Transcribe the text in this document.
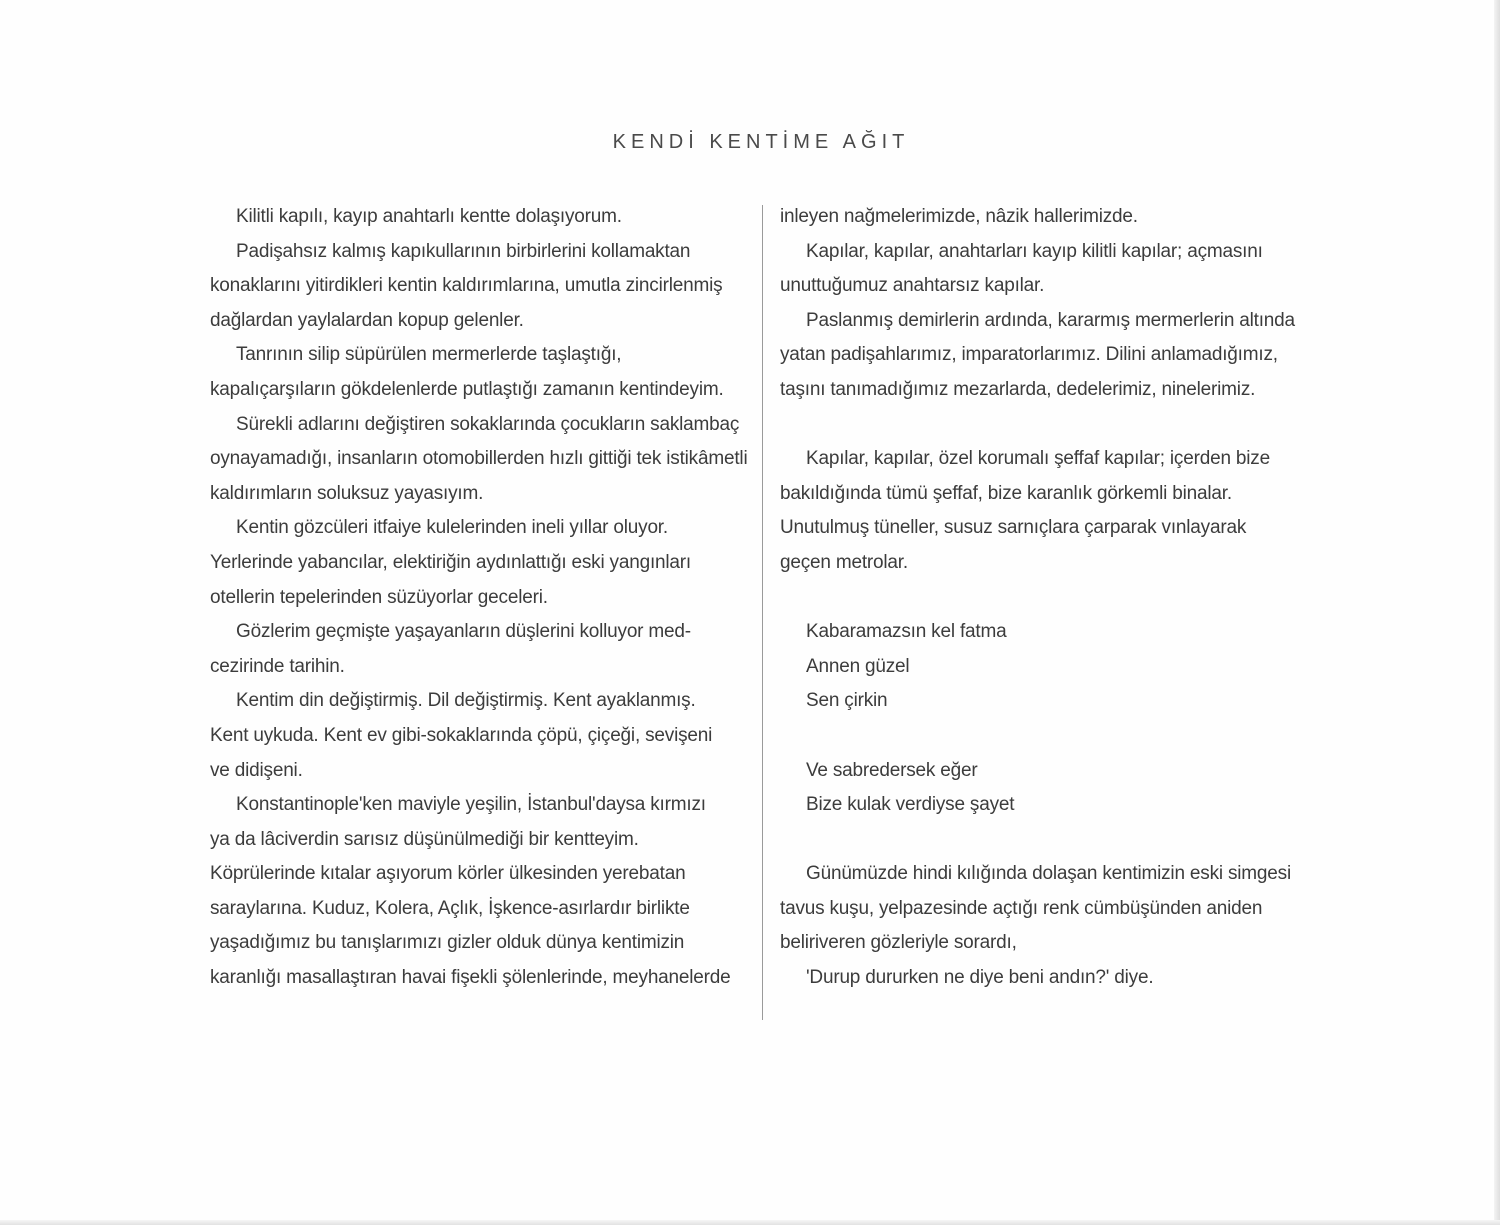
KENDİ KENTİME AĞIT
Kilitli kapılı, kayıp anahtarlı kentte dolaşıyorum.
Padişahsız kalmış kapıkullarının birbirlerini kollamaktan
konaklarını yitirdikleri kentin kaldırımlarına, umutla zincirlenmiş
dağlardan yaylalardan kopup gelenler.
Tanrının silip süpürülen mermerlerde taşlaştığı,
kapalıçarşıların gökdelenlerde putlaştığı zamanın kentindeyim.
Sürekli adlarını değiştiren sokaklarında çocukların saklambaç
oynayamadığı, insanların otomobillerden hızlı gittiği tek istikâmetli
kaldırımların soluksuz yayasıyım.
Kentin gözcüleri itfaiye kulelerinden ineli yıllar oluyor.
Yerlerinde yabancılar, elektiriğin aydınlattığı eski yangınları
otellerin tepelerinden süzüyorlar geceleri.
Gözlerim geçmişte yaşayanların düşlerini kolluyor med-
cezirinde tarihin.
Kentim din değiştirmiş. Dil değiştirmiş. Kent ayaklanmış.
Kent uykuda. Kent ev gibi-sokaklarında çöpü, çiçeği, sevişeni
ve didişeni.
Konstantinople'ken maviyle yeşilin, İstanbul'daysa kırmızı
ya da lâciverdin sarısız düşünülmediği bir kentteyim.
Köprülerinde kıtalar aşıyorum körler ülkesinden yerebatan
saraylarına. Kuduz, Kolera, Açlık, İşkence-asırlardır birlikte
yaşadığımız bu tanışlarımızı gizler olduk dünya kentimizin
karanlığı masallaştıran havai fişekli şölenlerinde, meyhanelerde
inleyen nağmelerimizde, nâzik hallerimizde.
Kapılar, kapılar, anahtarları kayıp kilitli kapılar; açmasını
unuttuğumuz anahtarsız kapılar.
Paslanmış demirlerin ardında, kararmış mermerlerin altında
yatan padişahlarımız, imparatorlarımız. Dilini anlamadığımız,
taşını tanımadığımız mezarlarda, dedelerimiz, ninelerimiz.
Kapılar, kapılar, özel korumalı şeffaf kapılar; içerden bize
bakıldığında tümü şeffaf, bize karanlık görkemli binalar.
Unutulmuş tüneller, susuz sarnıçlara çarparak vınlayarak
geçen metrolar.
Kabaramazsın kel fatma
Annen güzel
Sen çirkin
Ve sabredersek eğer
Bize kulak verdiyse şayet
Günümüzde hindi kılığında dolaşan kentimizin eski simgesi
tavus kuşu, yelpazesinde açtığı renk cümbüşünden aniden
beliriveren gözleriyle sorardı,
'Durup dururken ne diye beni andın?' diye.
